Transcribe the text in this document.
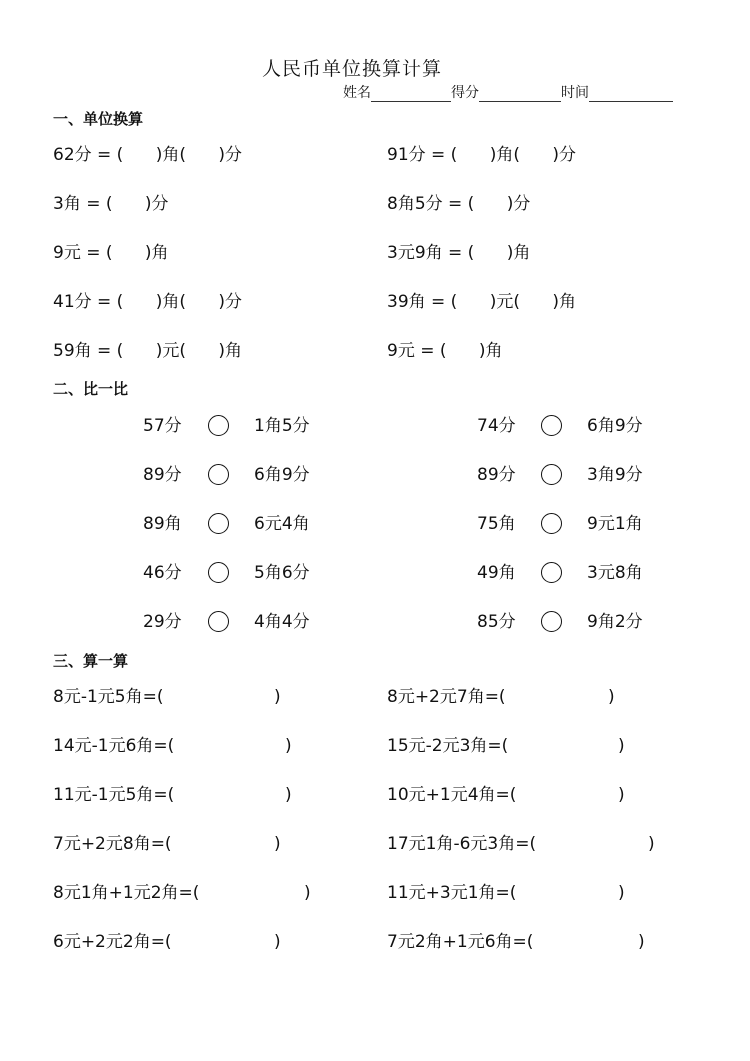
人民币单位换算计算
姓名	得分	时间
一、单位换算
62分 = (      )角(      )分	91分 = (      )角(      )分
3角 = (      )分	8角5分 = (      )分
9元 = (      )角	3元9角 = (      )角
41分 = (      )角(      )分	39角 = (      )元(      )角
59角 = (      )元(      )角	9元 = (      )角
二、比一比
57分	1角5分	74分	6角9分
89分	6角9分	89分	3角9分
89角	6元4角	75角	9元1角
46分	5角6分	49角	3元8角
29分	4角4分	85分	9角2分
三、算一算
8元-1元5角=(	)	8元+2元7角=(	)
14元-1元6角=(	)	15元-2元3角=(	)
11元-1元5角=(	)	10元+1元4角=(	)
7元+2元8角=(	)	17元1角-6元3角=(	)
8元1角+1元2角=(	)	11元+3元1角=(	)
6元+2元2角=(	)	7元2角+1元6角=(	)
